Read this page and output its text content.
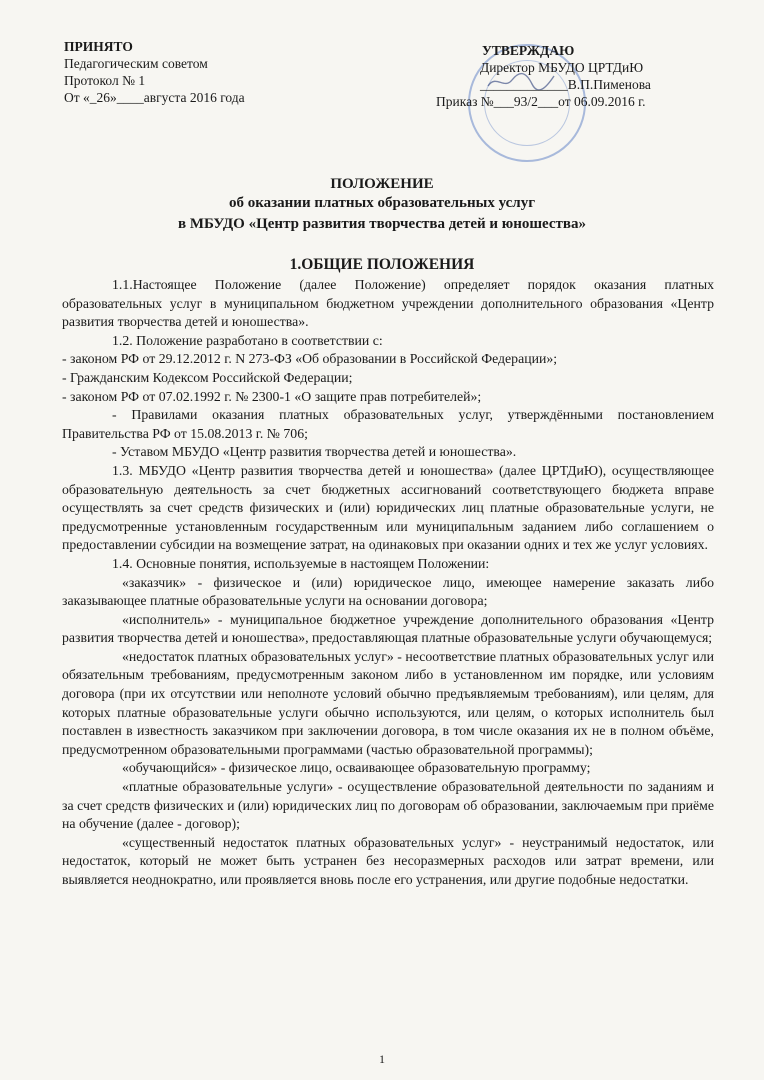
ПРИНЯТО
Педагогическим советом
Протокол № 1
От «_26»____августа 2016 года
УТВЕРЖДАЮ
Директор МБУДО ЦРТДиЮ
_____________В.П.Пименова
Приказ №___93/2___от 06.09.2016 г.
ПОЛОЖЕНИЕ
об оказании платных образовательных услуг
в МБУДО «Центр развития творчества детей и юношества»
1.ОБЩИЕ ПОЛОЖЕНИЯ

1.1.Настоящее Положение (далее Положение) определяет порядок оказания платных образовательных услуг в муниципальном бюджетном учреждении дополнительного образования «Центр развития творчества детей и юношества».

1.2. Положение разработано в соответствии с:

- законом РФ от 29.12.2012 г. N 273-ФЗ «Об образовании в Российской Федерации»;

- Гражданским Кодексом Российской Федерации;

- законом РФ от 07.02.1992 г. № 2300-1 «О защите прав потребителей»;

- Правилами оказания платных образовательных услуг, утверждёнными постановлением Правительства РФ от 15.08.2013 г. № 706;

- Уставом МБУДО «Центр развития творчества детей и юношества».

1.3. МБУДО «Центр развития творчества детей и юношества» (далее ЦРТДиЮ), осуществляющее образовательную деятельность за счет бюджетных ассигнований соответствующего бюджета вправе осуществлять за счет средств физических и (или) юридических лиц платные образовательные услуги, не предусмотренные установленным государственным или муниципальным заданием либо соглашением о предоставлении субсидии на возмещение затрат, на одинаковых при оказании одних и тех же услуг условиях.

1.4. Основные понятия, используемые в настоящем Положении:

«заказчик» - физическое и (или) юридическое лицо, имеющее намерение заказать либо заказывающее платные образовательные услуги на основании договора;

«исполнитель» - муниципальное бюджетное учреждение дополнительного образования «Центр развития творчества детей и юношества», предоставляющая платные образовательные услуги обучающемуся;

«недостаток платных образовательных услуг» - несоответствие платных образовательных услуг или обязательным требованиям, предусмотренным законом либо в установленном им порядке, или условиям договора (при их отсутствии или неполноте условий обычно предъявляемым требованиям), или целям, для которых платные образовательные услуги обычно используются, или целям, о которых исполнитель был поставлен в известность заказчиком при заключении договора, в том числе оказания их не в полном объёме, предусмотренном образовательными программами (частью образовательной программы);

«обучающийся» - физическое лицо, осваивающее образовательную программу;

«платные образовательные услуги» - осуществление образовательной деятельности по заданиям и за счет средств физических и (или) юридических лиц по договорам об образовании, заключаемым при приёме на обучение (далее - договор);

«существенный недостаток платных образовательных услуг» - неустранимый недостаток, или недостаток, который не может быть устранен без несоразмерных расходов или затрат времени, или выявляется неоднократно, или проявляется вновь после его устранения, или другие подобные недостатки.

1
